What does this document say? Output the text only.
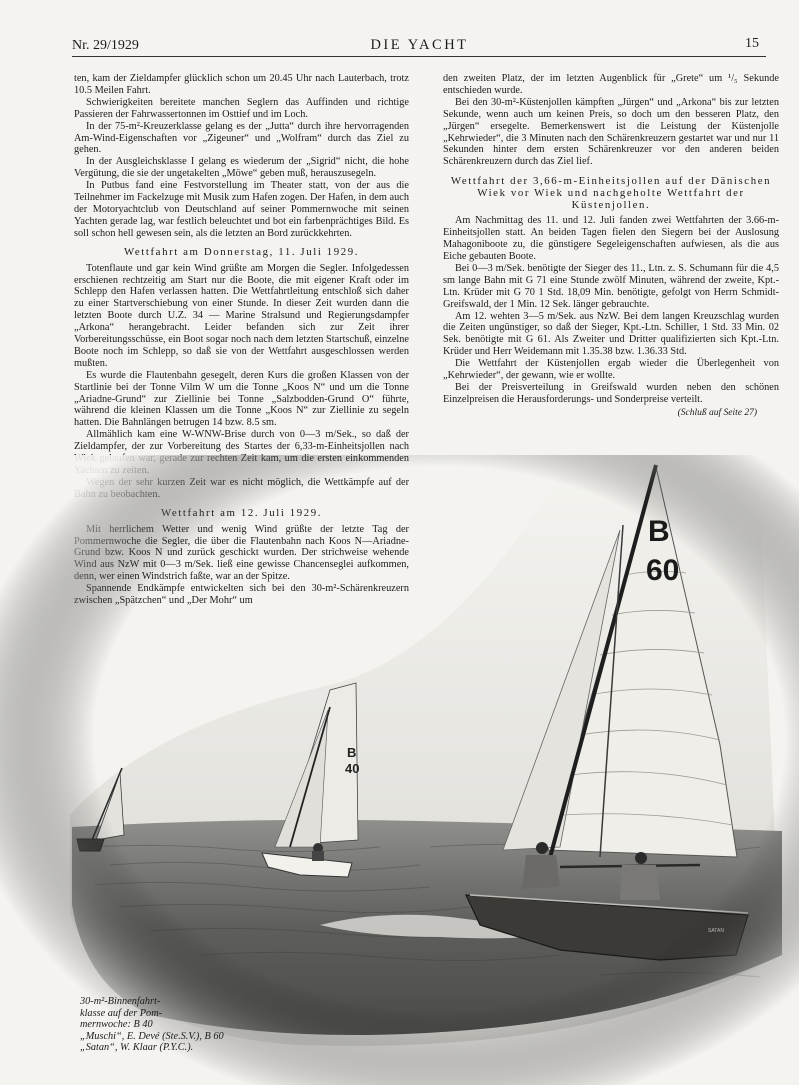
Nr. 29/1929	DIE YACHT	15

ten, kam der Zieldampfer glücklich schon um 20.45 Uhr nach Lauterbach, trotz 10.5 Meilen Fahrt.

Schwierigkeiten bereitete manchen Seglern das Auffinden und richtige Passieren der Fahrwassertonnen im Osttief und im Loch.

In der 75-m²-Kreuzerklasse gelang es der „Jutta“ durch ihre hervorragenden Am-Wind-Eigenschaften vor „Zigeuner“ und „Wolfram“ durch das Ziel zu gehen.

In der Ausgleichsklasse I gelang es wiederum der „Sigrid“ nicht, die hohe Vergütung, die sie der ungetakelten „Möwe“ geben muß, herauszusegeln.

In Putbus fand eine Festvorstellung im Theater statt, von der aus die Teilnehmer im Fackelzuge mit Musik zum Hafen zogen. Der Hafen, in dem auch der Motoryachtclub von Deutschland auf seiner Pommernwoche mit seinen Yachten gerade lag, war festlich beleuchtet und bot ein farbenprächtiges Bild. Es soll schon hell gewesen sein, als die letzten an Bord zurückkehrten.

Wettfahrt am Donnerstag, 11. Juli 1929.

Totenflaute und gar kein Wind grüßte am Morgen die Segler. Infolgedessen erschienen rechtzeitig am Start nur die Boote, die mit eigener Kraft oder im Schlepp den Hafen verlassen hatten. Die Wettfahrtleitung entschloß sich daher zu einer Startverschiebung von einer Stunde. In dieser Zeit wurden dann die letzten Boote durch U.Z. 34 — Marine Stralsund und Regierungsdampfer „Arkona“ herangebracht. Leider befanden sich zur Zeit ihrer Vorbereitungsschüsse, ein Boot sogar noch nach dem letzten Startschuß, einzelne Boote noch im Schlepp, so daß sie von der Wettfahrt ausgeschlossen werden mußten.

Es wurde die Flautenbahn gesegelt, deren Kurs die großen Klassen von der Startlinie bei der Tonne Vilm W um die Tonne „Koos N“ und um die Tonne „Ariadne-Grund“ zur Ziellinie bei Tonne „Salzbodden-Grund O“ führte, während die kleinen Klassen um die Tonne „Koos N“ zur Ziellinie zu segeln hatten. Die Bahnlängen betrugen 14 bzw. 8.5 sm.

Allmählich kam eine W-WNW-Brise durch von 0—3 m/Sek., so daß der Zieldampfer, der zur Vorbereitung des Startes der 6,33-m-Einheitsjollen nach

den zweiten Platz, der im letzten Augenblick für „Grete“ um ¹/₅ Sekunde entschieden wurde.

Bei den 30-m²-Küstenjollen kämpften „Jürgen“ und „Arkona“ bis zur letzten Sekunde, wenn auch um keinen Preis, so doch um den besseren Platz, den „Jürgen“ ersegelte. Bemerkenswert ist die Leistung der Küstenjolle „Kehrwieder“, die 3 Minuten nach den Schärenkreuzern gestartet war und nur 11 Sekunden hinter dem ersten Schärenkreuzer vor den anderen beiden Schärenkreuzern durch das Ziel lief.

Wettfahrt der 3,66-m-Einheitsjollen auf der Dänischen Wiek vor Wiek und nachgeholte Wettfahrt der Küstenjollen.

Am Nachmittag des 11. und 12. Juli fanden zwei Wettfahrten der 3.66-m-Einheitsjollen statt. An beiden Tagen fielen den Siegern bei der Auslosung Mahagoniboote zu, die günstigere Segeleigenschaften aufwiesen, als die aus Eiche gebauten Boote.

Bei 0—3 m/Sek. benötigte der Sieger des 11., Ltn. z. S. Schumann für die 4,5 sm lange Bahn mit G 71 eine Stunde zwölf Minuten, während der zweite, Kpt.-Ltn. Krüder mit G 70 1 Std. 18,09 Min. benötigte, gefolgt von Herrn Schmidt-Greifswald, der 1 Min. 12 Sek. länger gebrauchte.

Am 12. wehten 3—5 m/Sek. aus NzW. Bei dem langen Kreuzschlag wurden die Zeiten ungünstiger, so daß der Sieger, Kpt.-Ltn. Schiller, 1 Std. 33 Min. 02 Sek. benötigte mit G 61. Als Zweiter und Dritter qualifizierten sich Kpt.-Ltn. Krüder und Herr Weidemann mit 1.35.38 bzw. 1.36.33 Std.

Die Wettfahrt der Küstenjollen ergab wieder die Überlegenheit von „Kehrwieder“, der gewann, wie er wollte.

Bei der Preisverteilung in Greifswald wurden neben den schönen Einzelpreisen die Herausforderungs- und Sonderpreise verteilt.

(Schluß auf Seite 27)

30-m²-Binnenfahrt-
klasse auf der Pom-
mernwoche: B 40
„Muschi“, E. Devé (Ste.S.V.), B 60
„Satan“, W. Klaar (P.Y.C.).
